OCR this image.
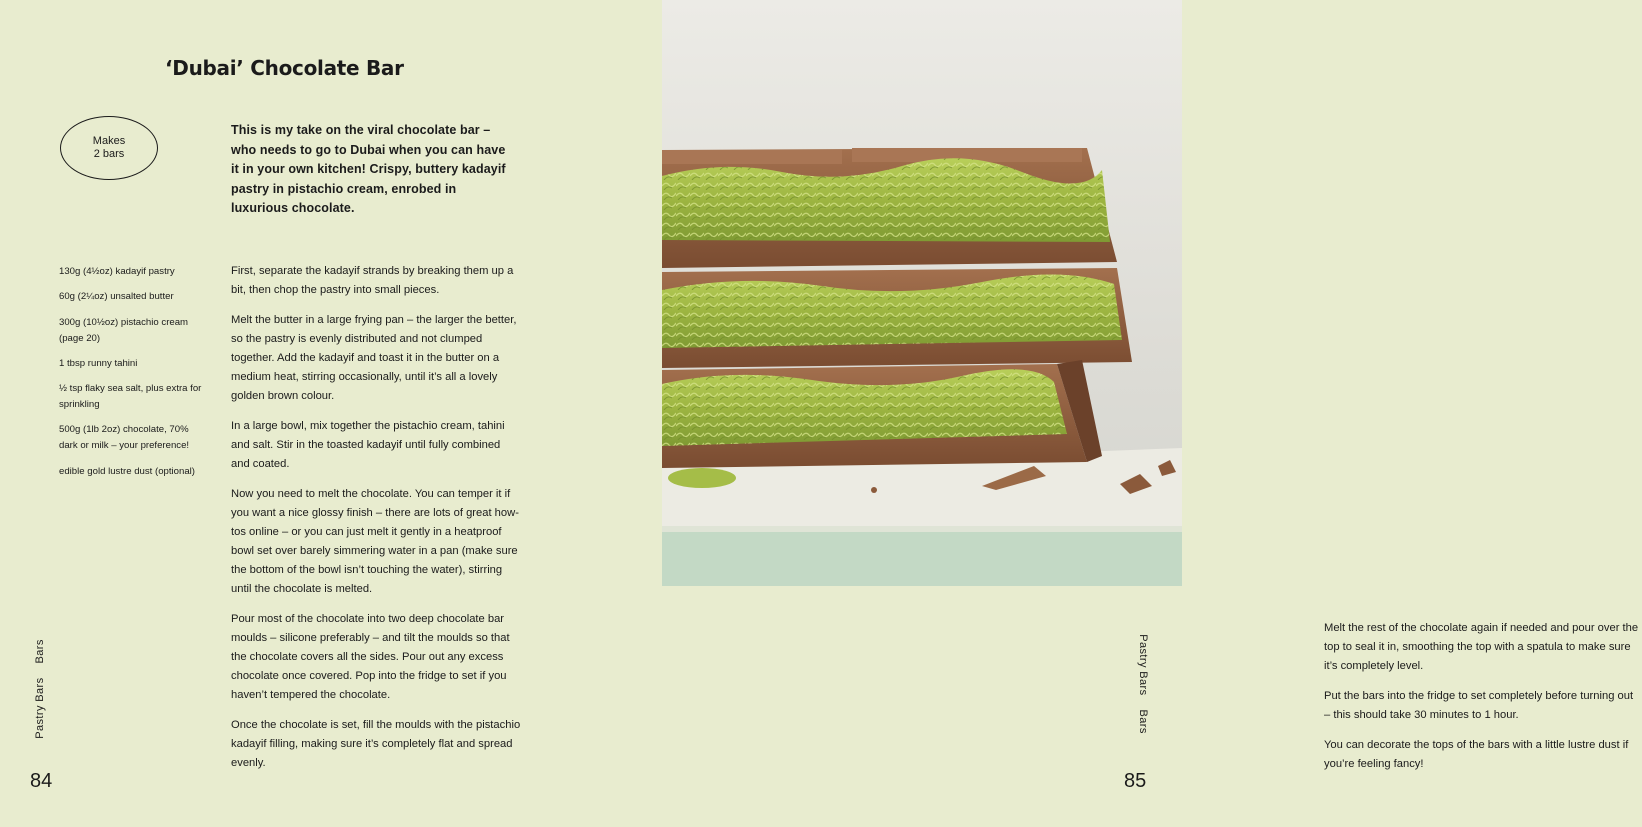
‘Dubai’ Chocolate Bar
Makes
2 bars

This is my take on the viral chocolate bar – who needs to go to Dubai when you can have it in your own kitchen! Crispy, buttery kadayif pastry in pistachio cream, enrobed in luxurious chocolate.

130g (4½oz) kadayif pastry
60g (2¼oz) unsalted butter
300g (10½oz) pistachio cream (page 20)
1 tbsp runny tahini
½ tsp flaky sea salt, plus extra for sprinkling
500g (1lb 2oz) chocolate, 70% dark or milk – your preference!
edible gold lustre dust (optional)

First, separate the kadayif strands by breaking them up a bit, then chop the pastry into small pieces.

Melt the butter in a large frying pan – the larger the better, so the pastry is evenly distributed and not clumped together. Add the kadayif and toast it in the butter on a medium heat, stirring occasionally, until it’s all a lovely golden brown colour.

In a large bowl, mix together the pistachio cream, tahini and salt. Stir in the toasted kadayif until fully combined and coated.

Now you need to melt the chocolate. You can temper it if you want a nice glossy finish – there are lots of great how-tos online – or you can just melt it gently in a heatproof bowl set over barely simmering water in a pan (make sure the bottom of the bowl isn’t touching the water), stirring until the chocolate is melted.

Pour most of the chocolate into two deep chocolate bar moulds – silicone preferably – and tilt the moulds so that the chocolate covers all the sides. Pour out any excess chocolate once covered. Pop into the fridge to set if you haven’t tempered the chocolate.

Once the chocolate is set, fill the moulds with the pistachio kadayif filling, making sure it’s completely flat and spread evenly.

Pastry BarsBars
84

Melt the rest of the chocolate again if needed and pour over the top to seal it in, smoothing the top with a spatula to make sure it’s completely level.

Put the bars into the fridge to set completely before turning out – this should take 30 minutes to 1 hour.

You can decorate the tops of the bars with a little lustre dust if you’re feeling fancy!

Pastry BarsBars
85
